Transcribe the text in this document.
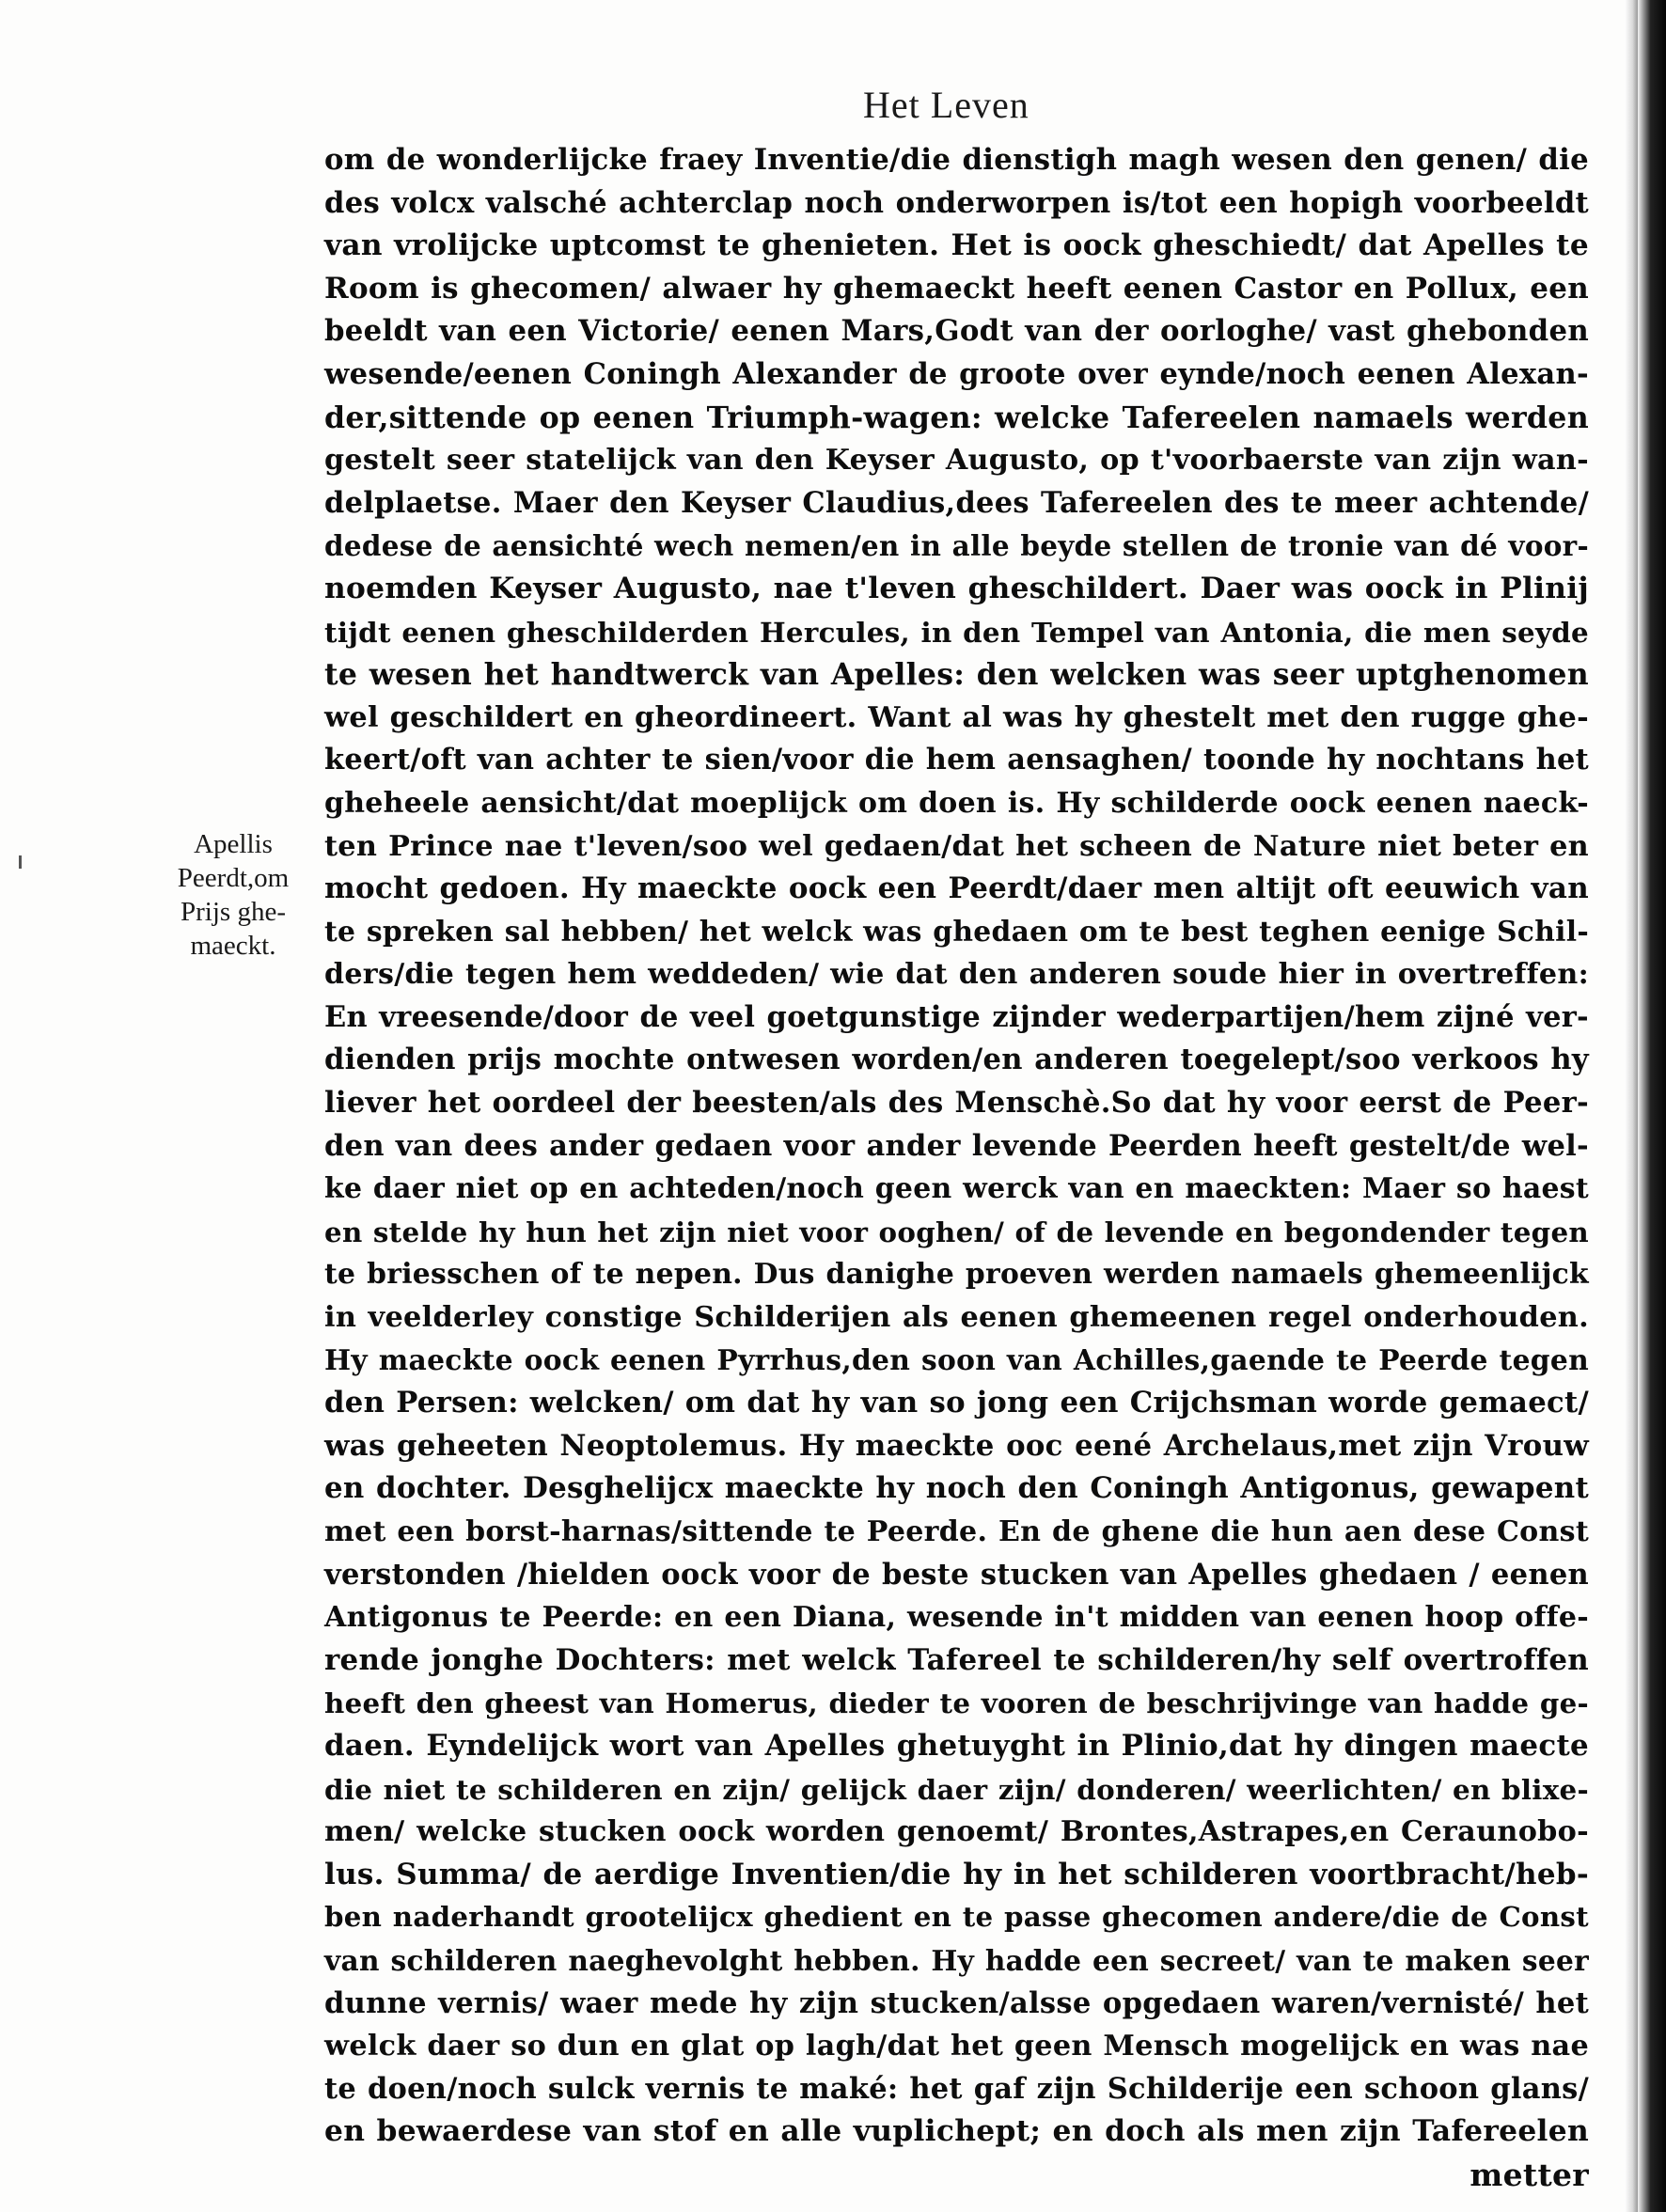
Het Leven
Apellis
Peerdt,om
Prijs ghe-
maeckt.
om de wonderlijcke fraey Inventie/die dienstigh magh wesen den genen/ die
des volcx valsché achterclap noch onderworpen is/tot een hopigh voorbeeldt
van vrolijcke uptcomst te ghenieten. Het is oock gheschiedt/ dat Apelles te
Room is ghecomen/ alwaer hy ghemaeckt heeft eenen Castor en Pollux, een
beeldt van een Victorie/ eenen Mars,Godt van der oorloghe/ vast ghebonden
wesende/eenen Coningh Alexander de groote over eynde/noch eenen Alexan-
der,sittende op eenen Triumph-wagen: welcke Tafereelen namaels werden
gestelt seer statelijck van den Keyser Augusto, op t'voorbaerste van zijn wan-
delplaetse. Maer den Keyser Claudius,dees Tafereelen des te meer achtende/
dedese de aensichté wech nemen/en in alle beyde stellen de tronie van dé voor-
noemden Keyser Augusto, nae t'leven gheschildert. Daer was oock in Plinij
tijdt eenen gheschilderden Hercules, in den Tempel van Antonia, die men seyde
te wesen het handtwerck van Apelles: den welcken was seer uptghenomen
wel geschildert en gheordineert. Want al was hy ghestelt met den rugge ghe-
keert/oft van achter te sien/voor die hem aensaghen/ toonde hy nochtans het
gheheele aensicht/dat moeplijck om doen is. Hy schilderde oock eenen naeck-
ten Prince nae t'leven/soo wel gedaen/dat het scheen de Nature niet beter en
mocht gedoen. Hy maeckte oock een Peerdt/daer men altijt oft eeuwich van
te spreken sal hebben/ het welck was ghedaen om te best teghen eenige Schil-
ders/die tegen hem weddeden/ wie dat den anderen soude hier in overtreffen:
En vreesende/door de veel goetgunstige zijnder wederpartijen/hem zijné ver-
dienden prijs mochte ontwesen worden/en anderen toegelept/soo verkoos hy
liever het oordeel der beesten/als des Menschè.So dat hy voor eerst de Peer-
den van dees ander gedaen voor ander levende Peerden heeft gestelt/de wel-
ke daer niet op en achteden/noch geen werck van en maeckten: Maer so haest
en stelde hy hun het zijn niet voor ooghen/ of de levende en begondender tegen
te briesschen of te nepen. Dus danighe proeven werden namaels ghemeenlijck
in veelderley constige Schilderijen als eenen ghemeenen regel onderhouden.
Hy maeckte oock eenen Pyrrhus,den soon van Achilles,gaende te Peerde tegen
den Persen: welcken/ om dat hy van so jong een Crijchsman worde gemaect/
was geheeten Neoptolemus. Hy maeckte ooc eené Archelaus,met zijn Vrouw
en dochter. Desghelijcx maeckte hy noch den Coningh Antigonus, gewapent
met een borst-harnas/sittende te Peerde. En de ghene die hun aen dese Const
verstonden /hielden oock voor de beste stucken van Apelles ghedaen / eenen
Antigonus te Peerde: en een Diana, wesende in't midden van eenen hoop offe-
rende jonghe Dochters: met welck Tafereel te schilderen/hy self overtroffen
heeft den gheest van Homerus, dieder te vooren de beschrijvinge van hadde ge-
daen. Eyndelijck wort van Apelles ghetuyght in Plinio,dat hy dingen maecte
die niet te schilderen en zijn/ gelijck daer zijn/ donderen/ weerlichten/ en blixe-
men/ welcke stucken oock worden genoemt/ Brontes,Astrapes,en Ceraunobo-
lus. Summa/ de aerdige Inventien/die hy in het schilderen voortbracht/heb-
ben naderhandt grootelijcx ghedient en te passe ghecomen andere/die de Const
van schilderen naeghevolght hebben. Hy hadde een secreet/ van te maken seer
dunne vernis/ waer mede hy zijn stucken/alsse opgedaen waren/vernisté/ het
welck daer so dun en glat op lagh/dat het geen Mensch mogelijck en was nae
te doen/noch sulck vernis te maké: het gaf zijn Schilderije een schoon glans/
en bewaerdese van stof en alle vuplichept; en doch als men zijn Tafereelen
metter
